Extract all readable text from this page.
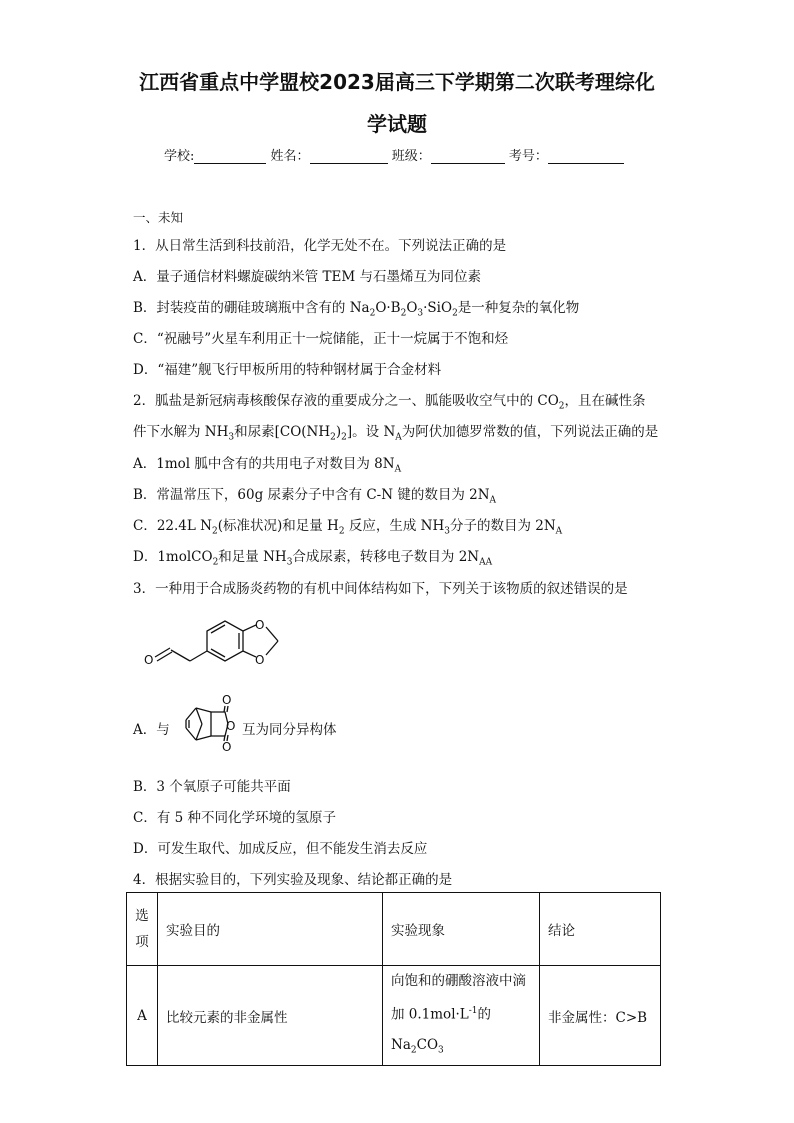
江西省重点中学盟校2023届高三下学期第二次联考理综化
学试题
学校:	姓名：	班级：	考号：
一、未知
1．从日常生活到科技前沿，化学无处不在。下列说法正确的是
A．量子通信材料螺旋碳纳米管 TEM 与石墨烯互为同位素
B．封装疫苗的硼硅玻璃瓶中含有的 $Na_2O\cdot B_2O_3\cdot SiO_2$是一种复杂的氧化物
C．“祝融号”火星车利用正十一烷储能，正十一烷属于不饱和烃
D．“福建”舰飞行甲板所用的特种钢材属于合金材料
2．胍盐是新冠病毒核酸保存液的重要成分之一、胍能吸收空气中的 $CO_2$，且在碱性条
件下水解为 $NH_3$和尿素$[CO(NH_2)_2]$。设 $N_A$为阿伏加德罗常数的值，下列说法正确的是
A．1mol 胍中含有的共用电子对数目为 $8N_A$
B．常温常压下，60g 尿素分子中含有 C-N 键的数目为 $2N_A$
C．22.4L $N_2$(标准状况)和足量 $H_2$ 反应，生成 $NH_3$分子的数目为 $2N_A$
D．1molCO$_2$和足量 $NH_3$合成尿素，转移电子数目为 $2N_{AA}$
3．一种用于合成肠炎药物的有机中间体结构如下，下列关于该物质的叙述错误的是
O
O
O
A．与
O
O
O
互为同分异构体
B．3 个氧原子可能共平面
C．有 5 种不同化学环境的氢原子
D．可发生取代、加成反应，但不能发生消去反应
4．根据实验目的，下列实验及现象、结论都正确的是
选
项	实验目的	实验现象	结论
A	比较元素的非金属性	向饱和的硼酸溶液中滴
加 $0.1mol\cdot L^{-1}$的 $Na_2CO_3$	非金属性：C>B
